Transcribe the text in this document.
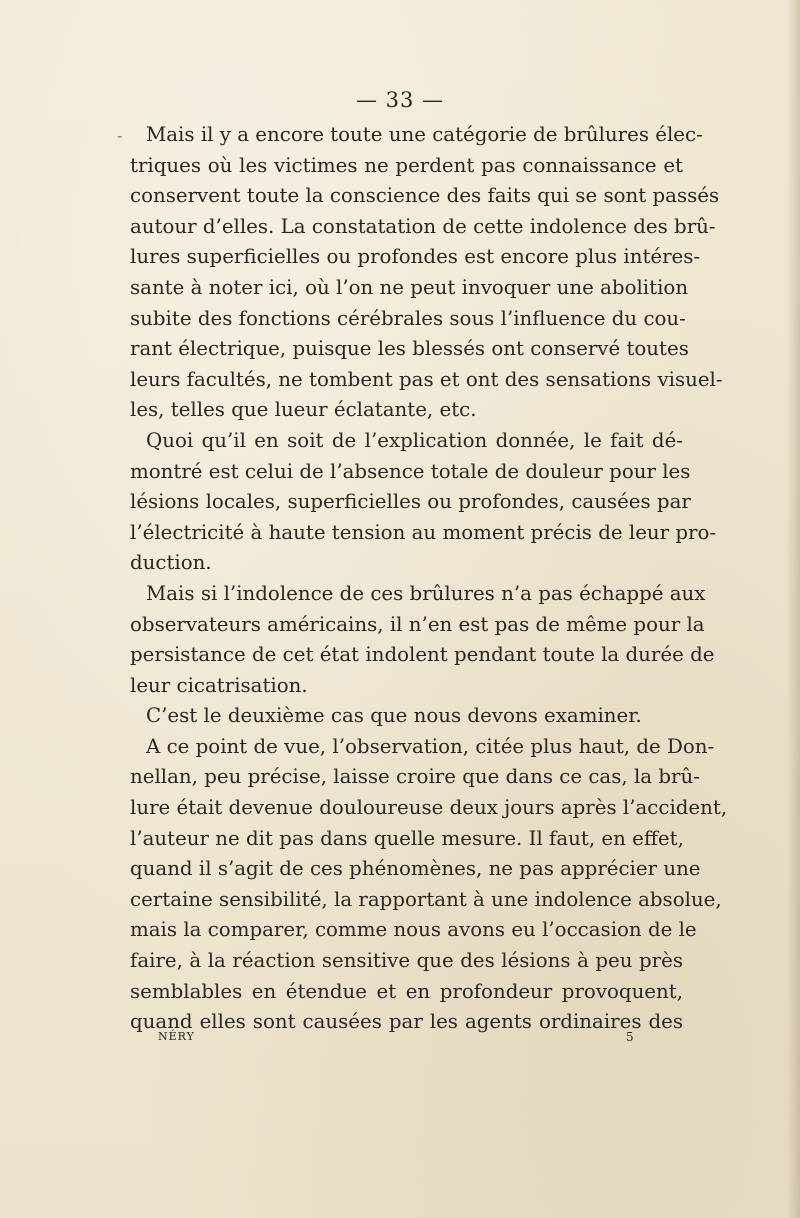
— 33 —
-	Mais il y a encore toute une catégorie de brûlures élec-
triques où les victimes ne perdent pas connaissance et
conservent toute la conscience des faits qui se sont passés
autour d’elles. La constatation de cette indolence des brû-
lures superficielles ou profondes est encore plus intéres-
sante à noter ici, où l’on ne peut invoquer une abolition
subite des fonctions cérébrales sous l’influence du cou-
rant électrique, puisque les blessés ont conservé toutes
leurs facultés, ne tombent pas et ont des sensations visuel-
les, telles que lueur éclatante, etc.

Quoi qu’il en soit de l’explication donnée, le fait dé-
montré est celui de l’absence totale de douleur pour les
lésions locales, superficielles ou profondes, causées par
l’électricité à haute tension au moment précis de leur pro-
duction.

Mais si l’indolence de ces brûlures n’a pas échappé aux
observateurs américains, il n’en est pas de même pour la
persistance de cet état indolent pendant toute la durée de
leur cicatrisation.

C’est le deuxième cas que nous devons examiner.

A ce point de vue, l’observation, citée plus haut, de Don-
nellan, peu précise, laisse croire que dans ce cas, la brû-
lure était devenue douloureuse deux jours après l’accident,
l’auteur ne dit pas dans quelle mesure. Il faut, en effet,
quand il s’agit de ces phénomènes, ne pas apprécier une
certaine sensibilité, la rapportant à une indolence absolue,
mais la comparer, comme nous avons eu l’occasion de le
faire, à la réaction sensitive que des lésions à peu près
semblables en étendue et en profondeur provoquent,
quand elles sont causées par les agents ordinaires des

NÉRY	5
